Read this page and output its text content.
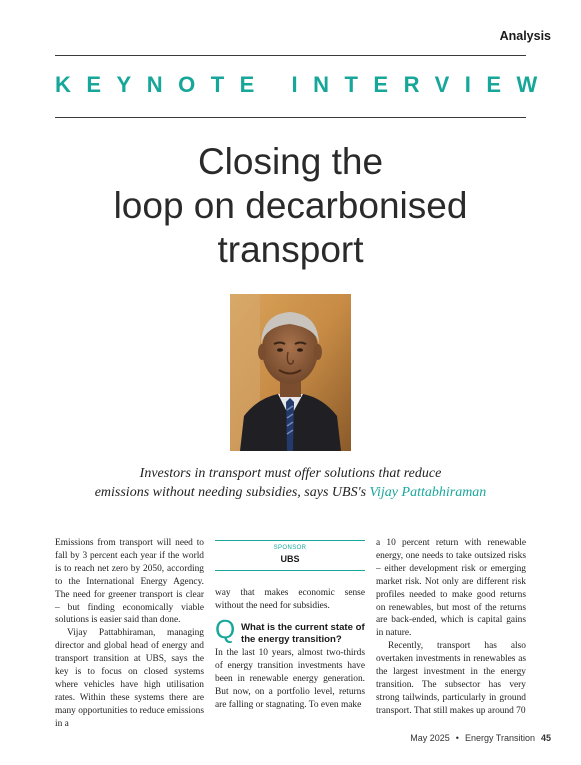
Analysis
KEYNOTE INTERVIEW
Closing the
loop on decarbonised
transport
Investors in transport must offer solutions that reduce
emissions without needing subsidies, says UBS's Vijay Pattabhiraman

Emissions from transport will need to fall by 3 percent each year if the world is to reach net zero by 2050, according to the International Energy Agency. The need for greener transport is clear – but finding economically viable solutions is easier said than done.

Vijay Pattabhiraman, managing director and global head of energy and transport transition at UBS, says the key is to focus on closed systems where vehicles have high utilisation rates. Within these systems there are many opportunities to reduce emissions in a

SPONSOR
UBS

way that makes economic sense without the need for subsidies.

Q What is the current state of the energy transition?

In the last 10 years, almost two-thirds of energy transition investments have been in renewable energy generation. But now, on a portfolio level, returns are falling or stagnating. To even make

a 10 percent return with renewable energy, one needs to take outsized risks – either development risk or emerging market risk. Not only are different risk profiles needed to make good returns on renewables, but most of the returns are back-ended, which is capital gains in nature.

Recently, transport has also overtaken investments in renewables as the largest investment in the energy transition. The subsector has very strong tailwinds, particularly in ground transport. That still makes up around 70

May 2025 • Energy Transition 45
